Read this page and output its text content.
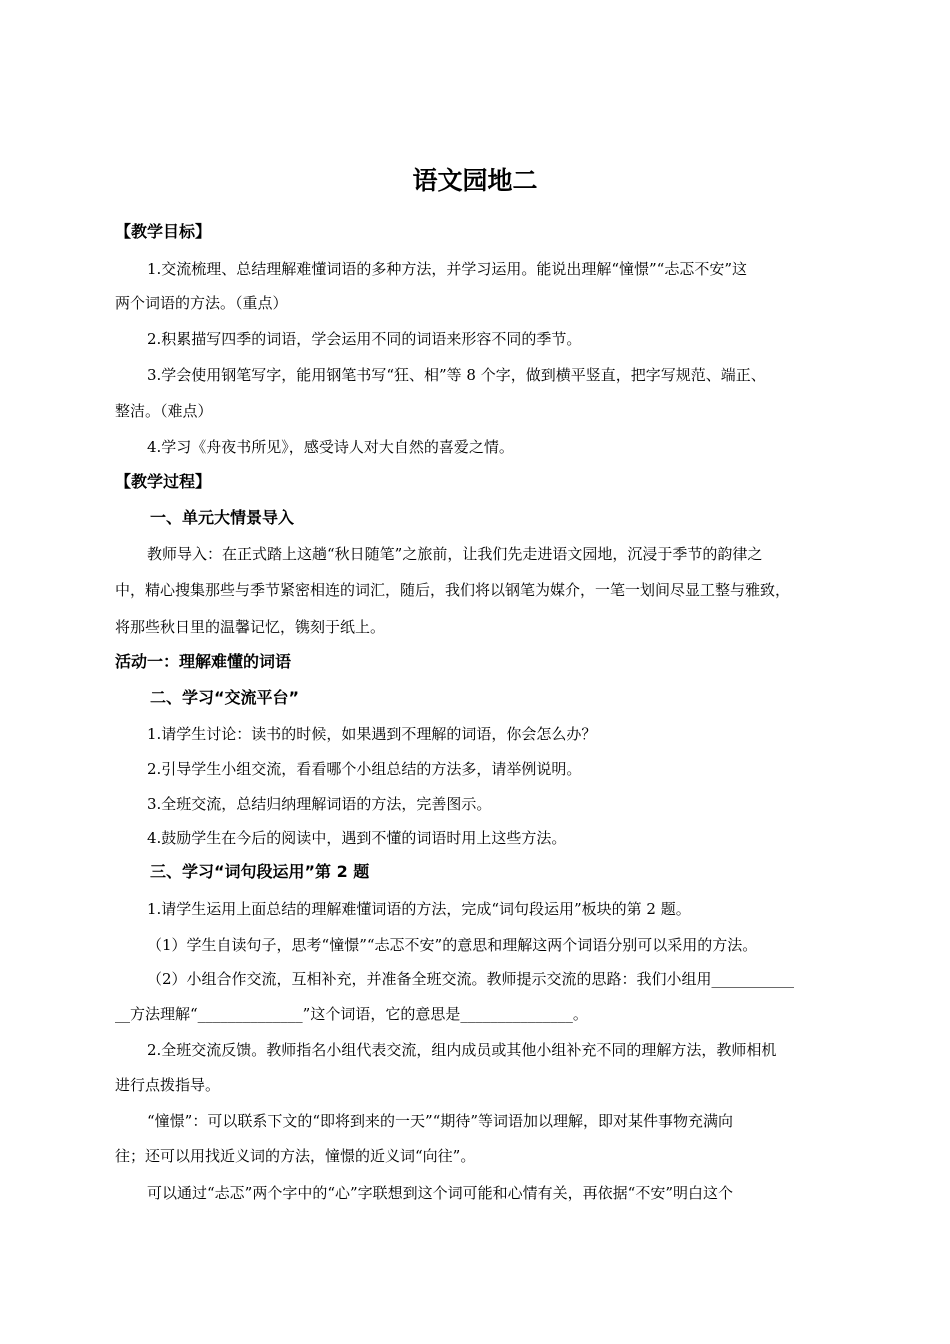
语文园地二
【教学目标】
1.交流梳理、总结理解难懂词语的多种方法，并学习运用。能说出理解“憧憬”“忐忑不安”这
两个词语的方法。（重点）
2.积累描写四季的词语，学会运用不同的词语来形容不同的季节。
3.学会使用钢笔写字，能用钢笔书写“狂、相”等 8 个字，做到横平竖直，把字写规范、端正、
整洁。（难点）
4.学习《舟夜书所见》，感受诗人对大自然的喜爱之情。
【教学过程】
一、单元大情景导入
教师导入：在正式踏上这趟“秋日随笔”之旅前，让我们先走进语文园地，沉浸于季节的韵律之
中，精心搜集那些与季节紧密相连的词汇，随后，我们将以钢笔为媒介，一笔一划间尽显工整与雅致，
将那些秋日里的温馨记忆，镌刻于纸上。
活动一：理解难懂的词语
二、学习“交流平台”
1.请学生讨论：读书的时候，如果遇到不理解的词语，你会怎么办？
2.引导学生小组交流，看看哪个小组总结的方法多，请举例说明。
3.全班交流，总结归纳理解词语的方法，完善图示。
4.鼓励学生在今后的阅读中，遇到不懂的词语时用上这些方法。
三、学习“词句段运用”第 2 题
1.请学生运用上面总结的理解难懂词语的方法，完成“词句段运用”板块的第 2 题。
（1）学生自读句子，思考“憧憬”“忐忑不安”的意思和理解这两个词语分别可以采用的方法。
（2）小组合作交流，互相补充，并准备全班交流。教师提示交流的思路：我们小组用___________
__方法理解“______________”这个词语，它的意思是_______________。
2.全班交流反馈。教师指名小组代表交流，组内成员或其他小组补充不同的理解方法，教师相机
进行点拨指导。
“憧憬”：可以联系下文的“即将到来的一天”“期待”等词语加以理解，即对某件事物充满向
往；还可以用找近义词的方法，憧憬的近义词“向往”。
可以通过“忐忑”两个字中的“心”字联想到这个词可能和心情有关，再依据“不安”明白这个
